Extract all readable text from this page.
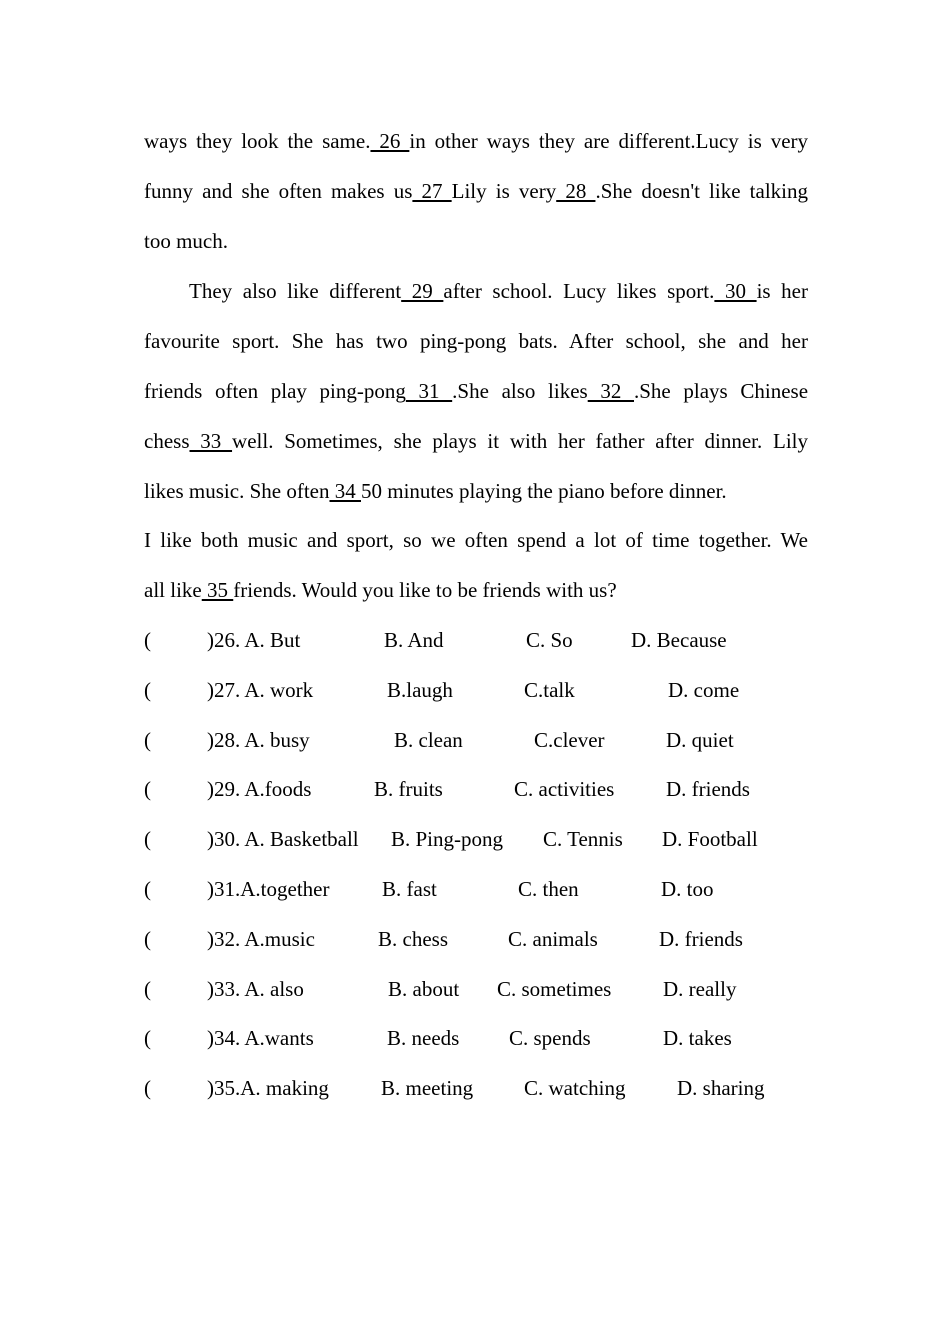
ways they look the same. 26 in other ways they are different.Lucy is very
funny and she often makes us 27 Lily is very 28 .She doesn't like talking
too much.
They also like different 29 after school. Lucy likes sport. 30 is her
favourite sport. She has two ping-pong bats. After school, she and her
friends often play ping-pong 31 .She also likes 32 .She plays Chinese
chess 33 well. Sometimes, she plays it with her father after dinner. Lily
likes music. She often 34 50 minutes playing the piano before dinner.
I like both music and sport, so we often spend a lot of time together. We
all like 35 friends. Would you like to be friends with us?
(	)26. A. But	B. And	C. So	D. Because
(	)27. A. work	B.laugh	C.talk	D. come
(	)28. A. busy	B. clean	C.clever	D. quiet
(	)29. A.foods	B. fruits	C. activities D. friends
(	)30. A. Basketball B. Ping-pong C. Tennis D. Football
(	)31.A.together	B. fast	C. then	D. too
(	)32. A.music	B. chess	C. animals	D. friends
(	)33. A. also	B. about C. sometimes D. really
(	)34. A.wants	B. needs C. spends	D. takes
(	)35.A. making B. meeting C. watching D. sharing
